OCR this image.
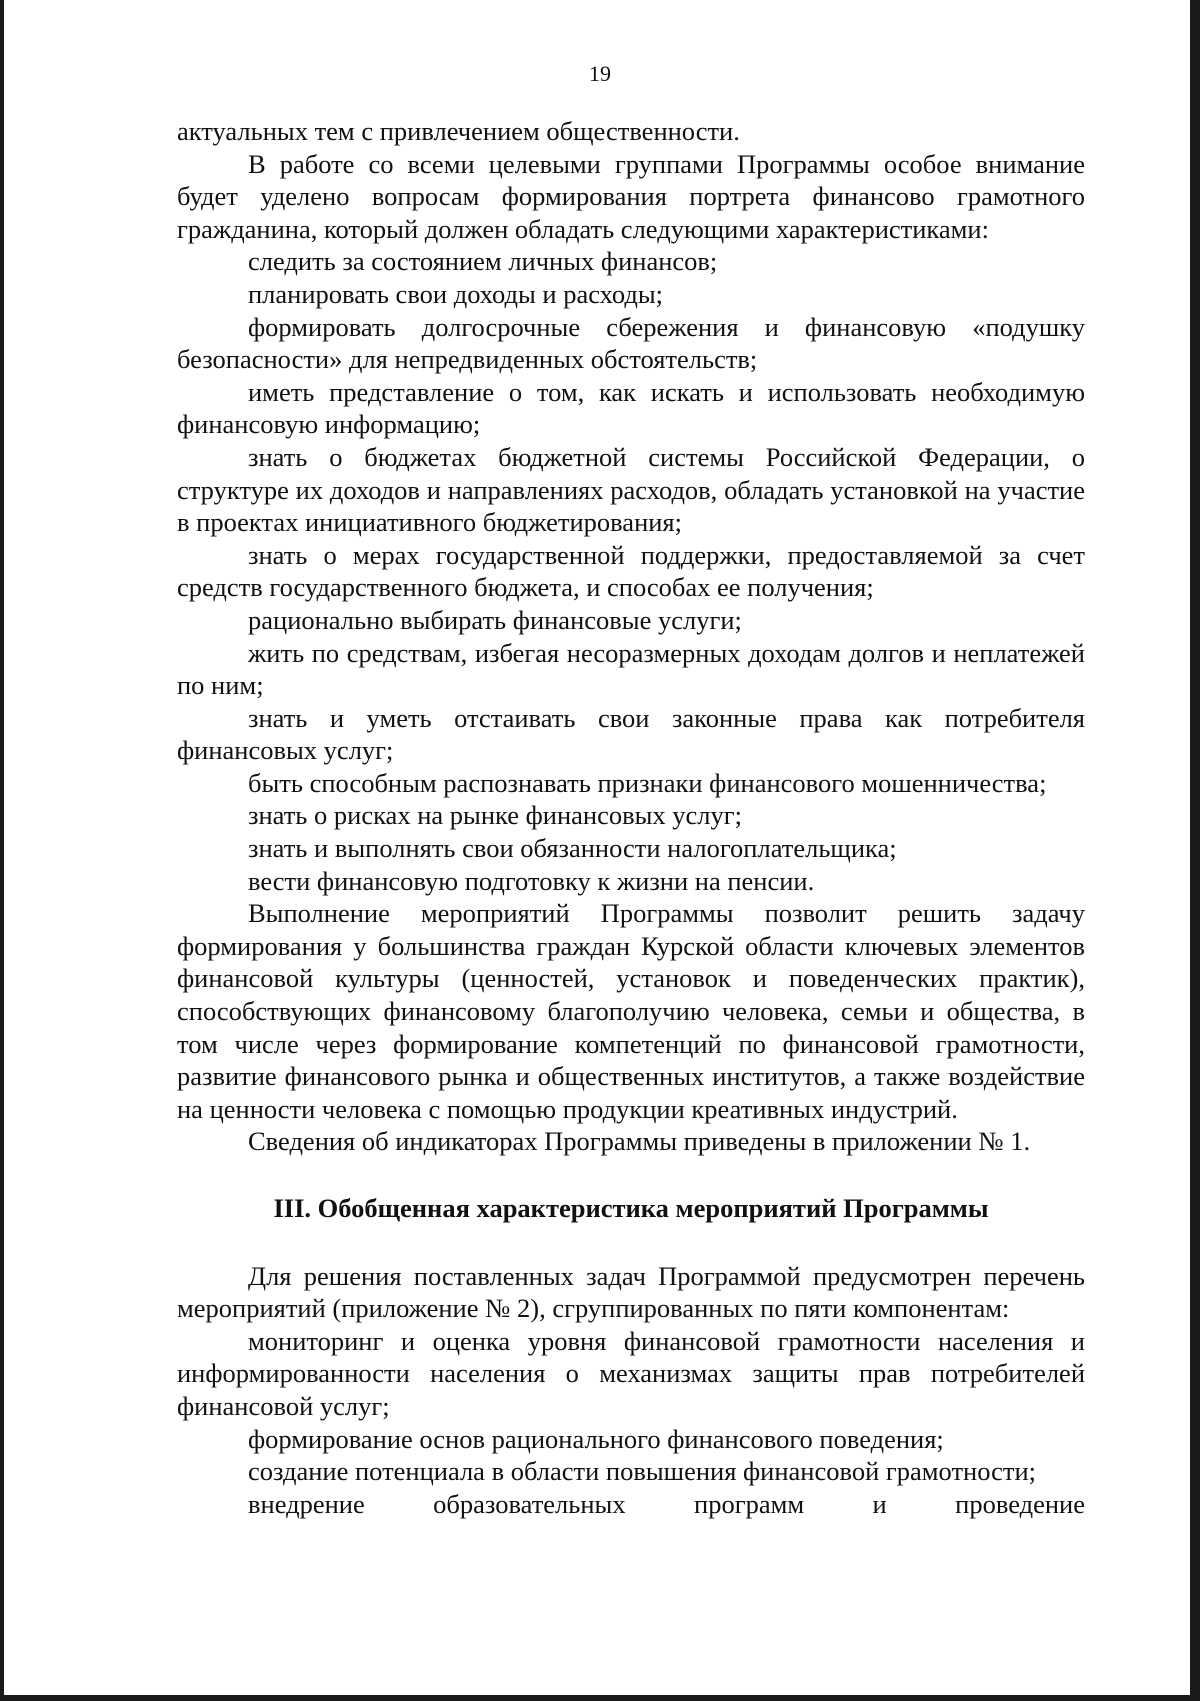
19

актуальных тем с привлечением общественности.

В работе со всеми целевыми группами Программы особое внимание будет уделено вопросам формирования портрета финансово грамотного гражданина, который должен обладать следующими характеристиками:

следить за состоянием личных финансов;

планировать свои доходы и расходы;

формировать долгосрочные сбережения и финансовую «подушку безопасности» для непредвиденных обстоятельств;

иметь представление о том, как искать и использовать необходимую финансовую информацию;

знать о бюджетах бюджетной системы Российской Федерации, о структуре их доходов и направлениях расходов, обладать установкой на участие в проектах инициативного бюджетирования;

знать о мерах государственной поддержки, предоставляемой за счет средств государственного бюджета, и способах ее получения;

рационально выбирать финансовые услуги;

жить по средствам, избегая несоразмерных доходам долгов и неплатежей по ним;

знать и уметь отстаивать свои законные права как потребителя финансовых услуг;

быть способным распознавать признаки финансового мошенничества;

знать о рисках на рынке финансовых услуг;

знать и выполнять свои обязанности налогоплательщика;

вести финансовую подготовку к жизни на пенсии.

Выполнение мероприятий Программы позволит решить задачу формирования у большинства граждан Курской области ключевых элементов финансовой культуры (ценностей, установок и поведенческих практик), способствующих финансовому благополучию человека, семьи и общества, в том числе через формирование компетенций по финансовой грамотности, развитие финансового рынка и общественных институтов, а также воздействие на ценности человека с помощью продукции креативных индустрий.

Сведения об индикаторах Программы приведены в приложении № 1.

III. Обобщенная характеристика мероприятий Программы

Для решения поставленных задач Программой предусмотрен перечень мероприятий (приложение № 2), сгруппированных по пяти компонентам:

мониторинг и оценка уровня финансовой грамотности населения и информированности населения о механизмах защиты прав потребителей финансовой услуг;

формирование основ рационального финансового поведения;

создание потенциала в области повышения финансовой грамотности;

внедрение образовательных программ и проведение
